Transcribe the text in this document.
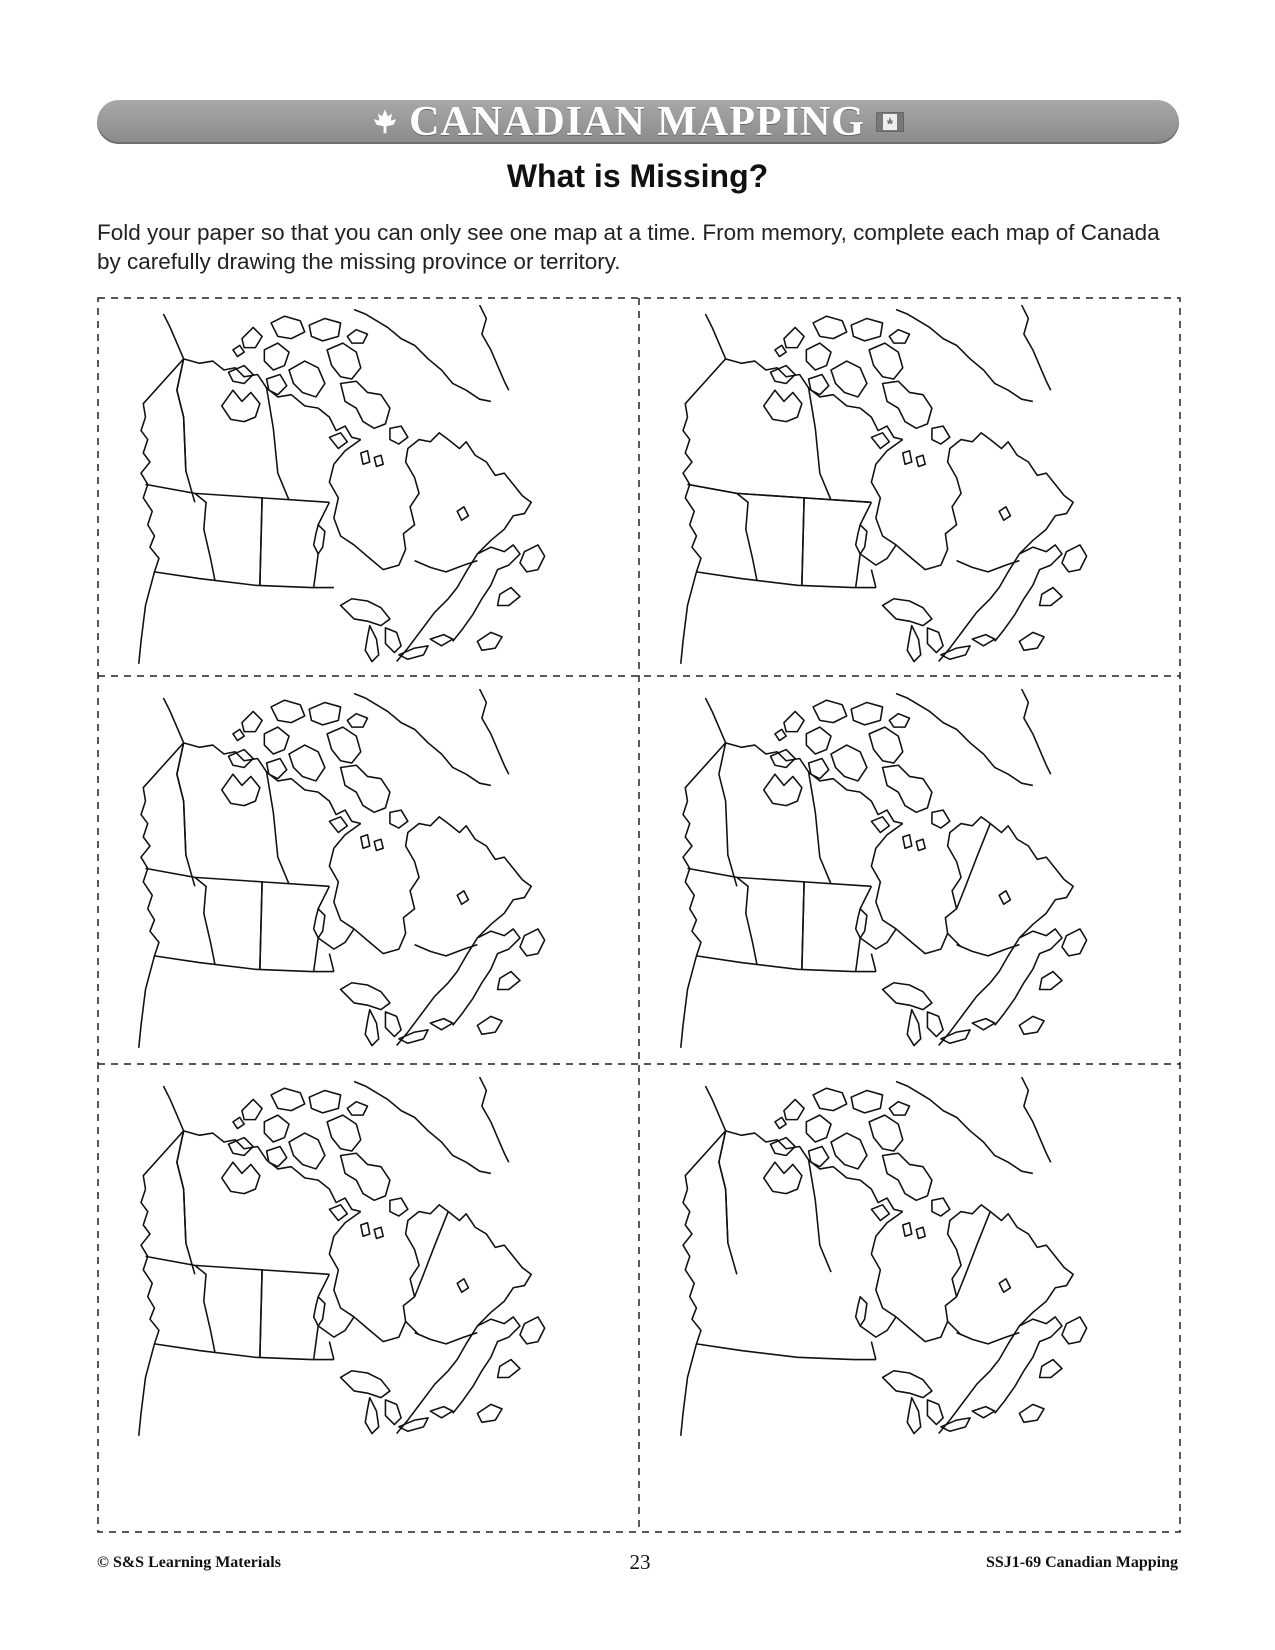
CANADIAN MAPPING
What is Missing?
Fold your paper so that you can only see one map at a time. From memory, complete each map of Canada by carefully drawing the missing province or territory.
© S&S Learning Materials	23	SSJ1-69 Canadian Mapping
